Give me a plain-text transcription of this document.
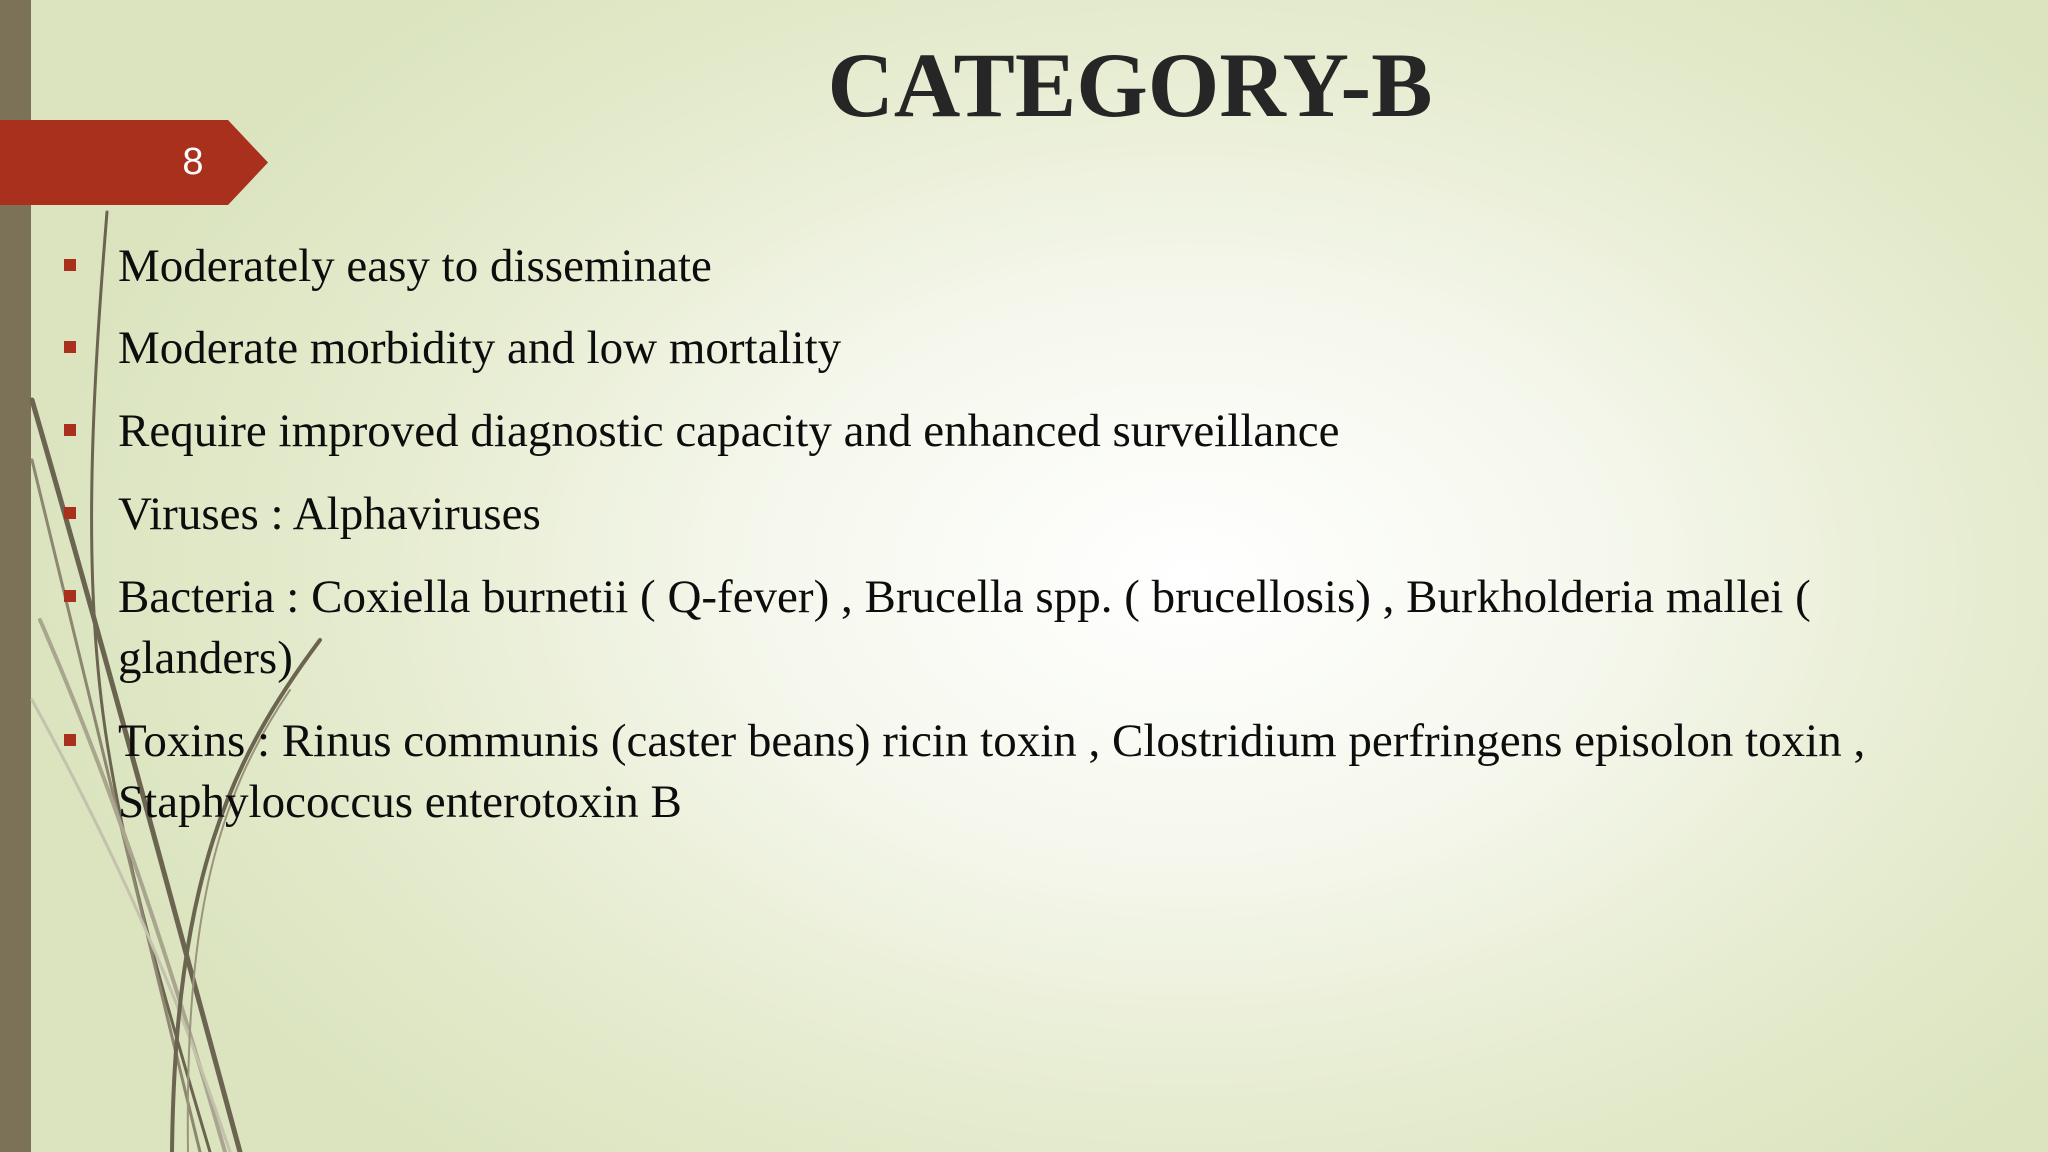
8
CATEGORY-B
Moderately easy to disseminate
Moderate morbidity and low mortality
Require improved diagnostic capacity and enhanced surveillance
Viruses : Alphaviruses
Bacteria : Coxiella burnetii ( Q-fever) , Brucella spp. ( brucellosis) , Burkholderia mallei ( glanders)
Toxins : Rinus communis (caster beans) ricin toxin , Clostridium perfringens episolon toxin , Staphylococcus enterotoxin B
